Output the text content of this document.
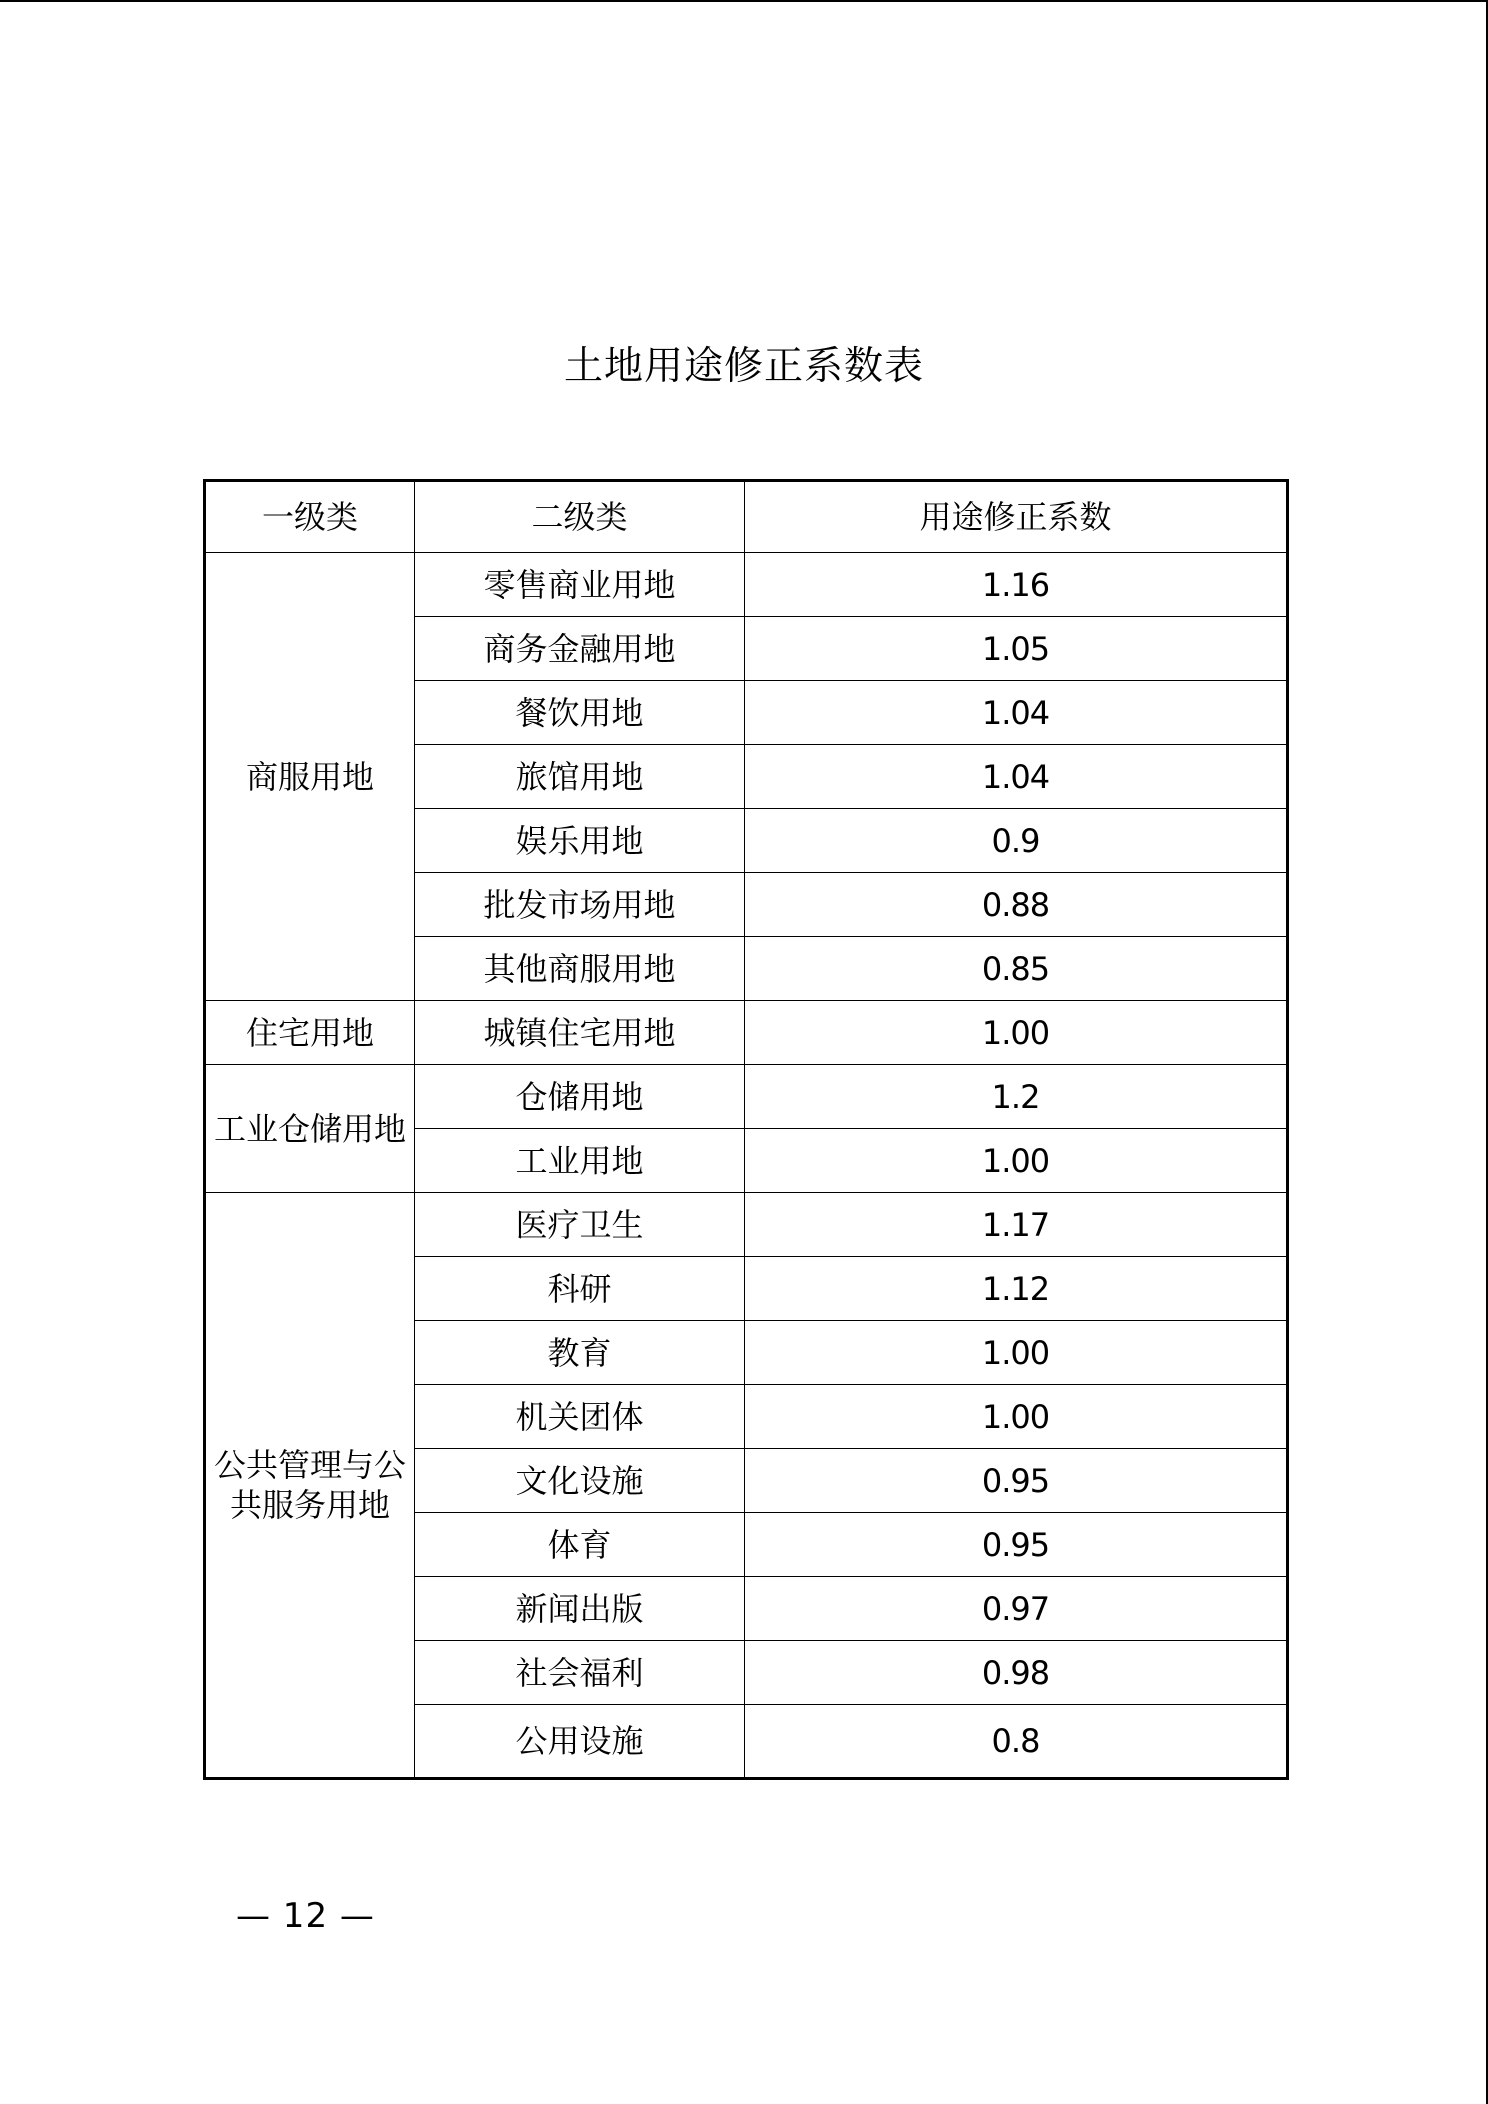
土地用途修正系数表
一级类	二级类	用途修正系数
商服用地	零售商业用地	1.16
	商务金融用地	1.05
	餐饮用地	1.04
	旅馆用地	1.04
	娱乐用地	0.9
	批发市场用地	0.88
	其他商服用地	0.85
住宅用地	城镇住宅用地	1.00
工业仓储用地	仓储用地	1.2
	工业用地	1.00
公共管理与公共服务用地	医疗卫生	1.17
	科研	1.12
	教育	1.00
	机关团体	1.00
	文化设施	0.95
	体育	0.95
	新闻出版	0.97
	社会福利	0.98
	公用设施	0.8
— 12 —
